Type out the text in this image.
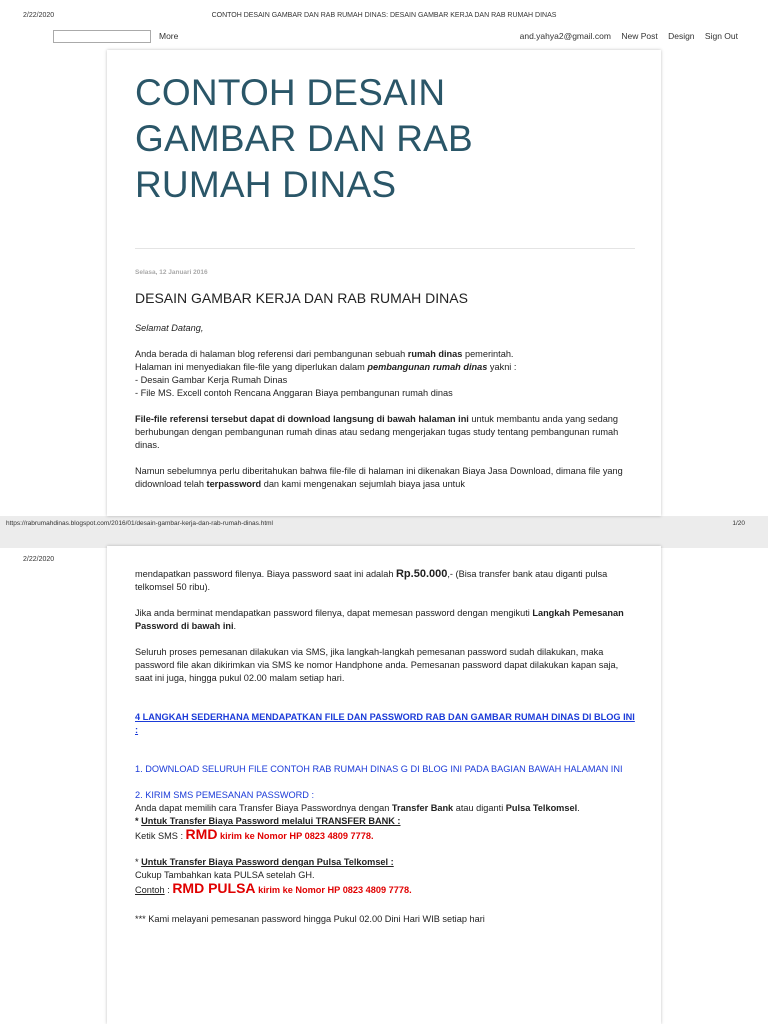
2/22/2020	CONTOH DESAIN GAMBAR DAN RAB RUMAH DINAS: DESAIN GAMBAR KERJA DAN RAB RUMAH DINAS
More	and.yahya2@gmail.com New Post Design Sign Out
CONTOH DESAIN GAMBAR DAN RAB RUMAH DINAS
Selasa, 12 Januari 2016
DESAIN GAMBAR KERJA DAN RAB RUMAH DINAS

Selamat Datang,

Anda berada di halaman blog referensi dari pembangunan sebuah rumah dinas pemerintah.
Halaman ini menyediakan file-file yang diperlukan dalam pembangunan rumah dinas yakni :
- Desain Gambar Kerja Rumah Dinas
- File MS. Excell contoh Rencana Anggaran Biaya pembangunan rumah dinas

File-file referensi tersebut dapat di download langsung di bawah halaman ini untuk membantu anda yang sedang berhubungan dengan pembangunan rumah dinas atau sedang mengerjakan tugas study tentang pembangunan rumah dinas.

Namun sebelumnya perlu diberitahukan bahwa file-file di halaman ini dikenakan Biaya Jasa Download, dimana file yang didownload telah terpassword dan kami mengenakan sejumlah biaya jasa untuk

https://rabrumahdinas.blogspot.com/2016/01/desain-gambar-kerja-dan-rab-rumah-dinas.html	1/20
2/22/2020

mendapatkan password filenya. Biaya password saat ini adalah Rp.50.000,- (Bisa transfer bank atau diganti pulsa telkomsel 50 ribu).

Jika anda berminat mendapatkan password filenya, dapat memesan password dengan mengikuti Langkah Pemesanan Password di bawah ini.

Seluruh proses pemesanan dilakukan via SMS, jika langkah-langkah pemesanan password sudah dilakukan, maka password file akan dikirimkan via SMS ke nomor Handphone anda. Pemesanan password dapat dilakukan kapan saja, saat ini juga, hingga pukul 02.00 malam setiap hari.

4 LANGKAH SEDERHANA MENDAPATKAN FILE DAN PASSWORD RAB DAN GAMBAR RUMAH DINAS DI BLOG INI :

1. DOWNLOAD SELURUH FILE CONTOH RAB RUMAH DINAS G DI BLOG INI PADA BAGIAN BAWAH HALAMAN INI

2. KIRIM SMS PEMESANAN PASSWORD :
Anda dapat memilih cara Transfer Biaya Passwordnya dengan Transfer Bank atau diganti Pulsa Telkomsel.
* Untuk Transfer Biaya Password melalui TRANSFER BANK :
Ketik SMS : RMD kirim ke Nomor HP 0823 4809 7778.
* Untuk Transfer Biaya Password dengan Pulsa Telkomsel :
Cukup Tambahkan kata PULSA setelah GH.
Contoh : RMD PULSA kirim ke Nomor HP 0823 4809 7778.

*** Kami melayani pemesanan password hingga Pukul 02.00 Dini Hari WIB setiap hari
